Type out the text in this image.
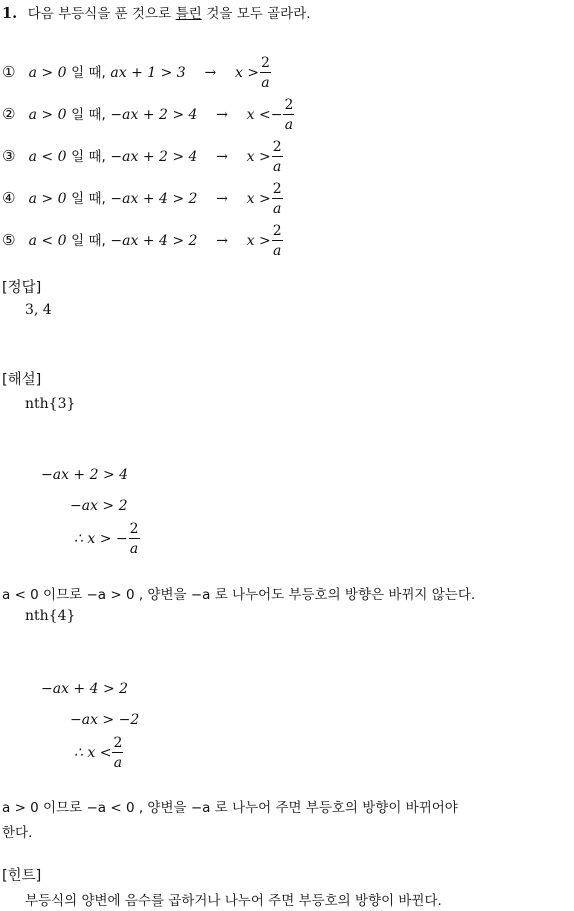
1. 다음 부등식을 푼 것으로 틀린 것을 모두 골라라.
① a > 0 일 때, ax + $1 > 3 \to x > \frac{2}{a}$
② a > 0 일 때, $-ax + 2 > 4 \to x <- \frac{2}{a}$
③ a < 0 일 때, $-ax + 2 > 4 \to x > \frac{2}{a}$
④ a > 0 일 때, $-ax + 4 > 2 \to x > \frac{2}{a}$
⑤ a < 0 일 때, $-ax + 4 > 2 \to x > \frac{2}{a}$
[정답]
3, 4
[해설]
nth{3}
−ax + 2 > 4
−ax > 2
∴ x > − $\frac{2}{a}$
a < 0 이므로 −a > 0 , 양변을 −a 로 나누어도 부등호의 방향은 바뀌지 않는다.
nth{4}
−ax + 4 > 2
−ax > −2
∴ $x < \frac{2}{a}$
a > 0 이므로 −a < 0 , 양변을 −a 로 나누어 주면 부등호의 방향이 바뀌어야
한다.
[힌트]
부등식의 양변에 음수를 곱하거나 나누어 주면 부등호의 방향이 바뀐다.
